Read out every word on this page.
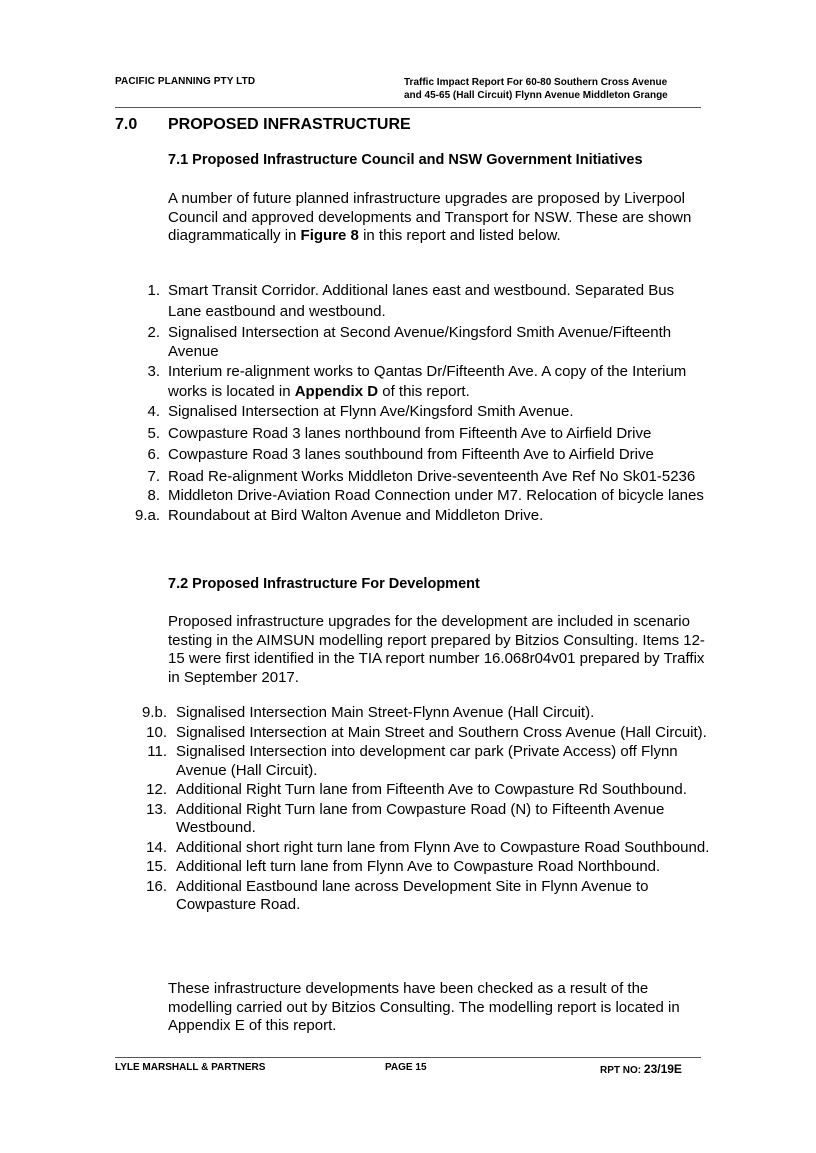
PACIFIC PLANNING PTY LTD	Traffic Impact Report For 60-80 Southern Cross Avenue
and 45-65 (Hall Circuit) Flynn Avenue Middleton Grange
7.0 PROPOSED INFRASTRUCTURE
7.1 Proposed Infrastructure Council and NSW Government Initiatives
A number of future planned infrastructure upgrades are proposed by Liverpool Council and approved developments and Transport for NSW. These are shown diagrammatically in Figure 8 in this report and listed below.
1. Smart Transit Corridor. Additional lanes east and westbound. Separated Bus Lane eastbound and westbound.
2. Signalised Intersection at Second Avenue/Kingsford Smith Avenue/Fifteenth Avenue
3. Interium re-alignment works to Qantas Dr/Fifteenth Ave. A copy of the Interium works is located in Appendix D of this report.
4. Signalised Intersection at Flynn Ave/Kingsford Smith Avenue.
5. Cowpasture Road 3 lanes northbound from Fifteenth Ave to Airfield Drive
6. Cowpasture Road 3 lanes southbound from Fifteenth Ave to Airfield Drive
7. Road Re-alignment Works Middleton Drive-seventeenth Ave Ref No Sk01-5236
8. Middleton Drive-Aviation Road Connection under M7. Relocation of bicycle lanes
9.a. Roundabout at Bird Walton Avenue and Middleton Drive.
7.2 Proposed Infrastructure For Development
Proposed infrastructure upgrades for the development are included in scenario testing in the AIMSUN modelling report prepared by Bitzios Consulting. Items 12-15 were first identified in the TIA report number 16.068r04v01 prepared by Traffix in September 2017.
9.b. Signalised Intersection Main Street-Flynn Avenue (Hall Circuit).
10. Signalised Intersection at Main Street and Southern Cross Avenue (Hall Circuit).
11. Signalised Intersection into development car park (Private Access) off Flynn Avenue (Hall Circuit).
12. Additional Right Turn lane from Fifteenth Ave to Cowpasture Rd Southbound.
13. Additional Right Turn lane from Cowpasture Road (N) to Fifteenth Avenue Westbound.
14. Additional short right turn lane from Flynn Ave to Cowpasture Road Southbound.
15. Additional left turn lane from Flynn Ave to Cowpasture Road Northbound.
16. Additional Eastbound lane across Development Site in Flynn Avenue to Cowpasture Road.
These infrastructure developments have been checked as a result of the modelling carried out by Bitzios Consulting. The modelling report is located in Appendix E of this report.
LYLE MARSHALL & PARTNERS	PAGE 15	RPT NO: 23/19E
